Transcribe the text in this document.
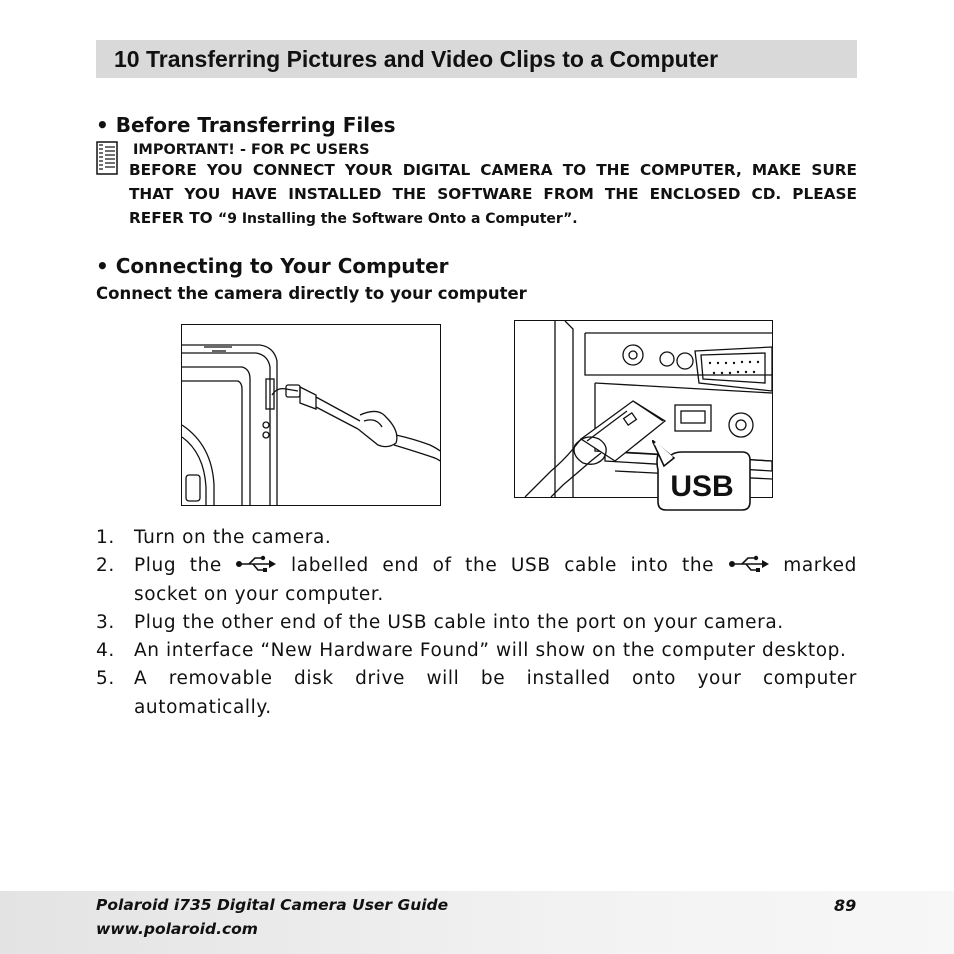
10 Transferring Pictures and Video Clips to a Computer
• Before Transferring Files
IMPORTANT! - FOR PC USERS
BEFORE YOU CONNECT YOUR DIGITAL CAMERA TO THE COMPUTER, MAKE SURE THAT YOU HAVE INSTALLED THE SOFTWARE FROM THE ENCLOSED CD. PLEASE REFER TO “9 Installing the Software Onto a Computer”.
• Connecting to Your Computer
Connect the camera directly to your computer
USB
1. Turn on the camera.
2. Plug the	labelled end of the USB cable into the	marked
socket on your computer.
3. Plug the other end of the USB cable into the port on your camera.
4. An interface “New Hardware Found” will show on the computer desktop.
5. A removable disk drive will be installed onto your computer automatically.
Polaroid i735 Digital Camera User Guide
www.polaroid.com
89
